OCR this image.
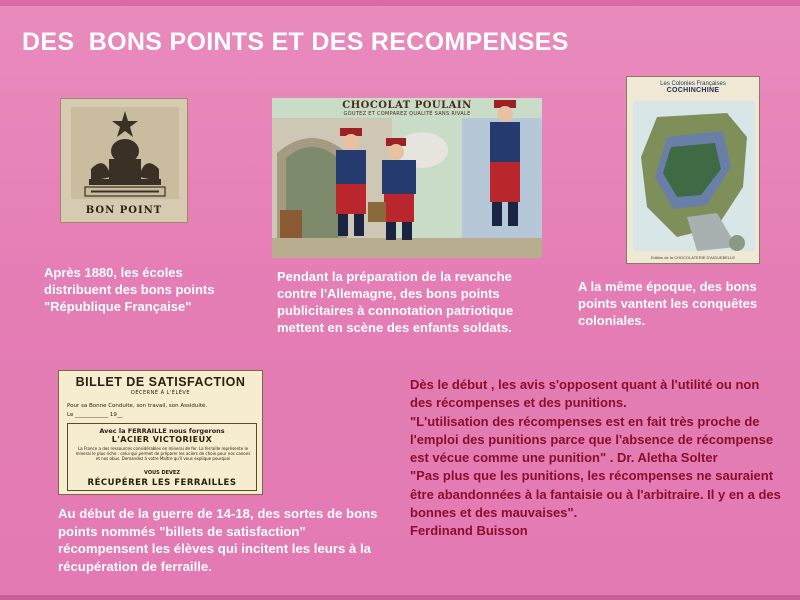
DES  BONS POINTS ET DES RECOMPENSES
BON POINT
CHOCOLAT POULAIN
GOUTEZ ET COMPAREZ QUALITÉ SANS RIVALE
Les Colonies Françaises
COCHINCHINE
Edition de la CHOCOLATERIE D'AIGUEBELLE
BILLET DE SATISFACTION
DÉCERNÉ À L'ÉLÈVE
Pour sa Bonne Conduite, son travail, son Assiduité.
Le ____________ 19__
Avec la FERRAILLE nous forgerons
L'ACIER VICTORIEUX
La France a des ressources considérables en minerai de fer. La ferraille représente le minerai le plus riche : celui qui permet de préparer les aciers de choix pour nos canons et nos obus. Demandez à votre Maître qu'il vous explique pourquoi
VOUS DEVEZ
RÉCUPÉRER LES FERRAILLES
Après 1880, les écoles distribuent des bons points "République Française"
Pendant la préparation de la revanche contre l'Allemagne, des bons points publicitaires à connotation patriotique mettent en scène des enfants soldats.
A la même époque, des bons points vantent les conquêtes coloniales.
Au début de la guerre de 14-18, des sortes de bons points nommés "billets de satisfaction" récompensent les élèves qui incitent les leurs à la récupération de ferraille.

Dès le début , les avis s'opposent quant à l'utilité ou non des récompenses et des punitions.

"L'utilisation des récompenses est en fait très proche de l'emploi des punitions parce que l'absence de récompense est vécue comme une punition" . Dr. Aletha Solter

"Pas plus que les punitions, les récompenses ne sauraient être abandonnées à la fantaisie ou à l'arbitraire. Il y en a des bonnes et des mauvaises".

Ferdinand Buisson
